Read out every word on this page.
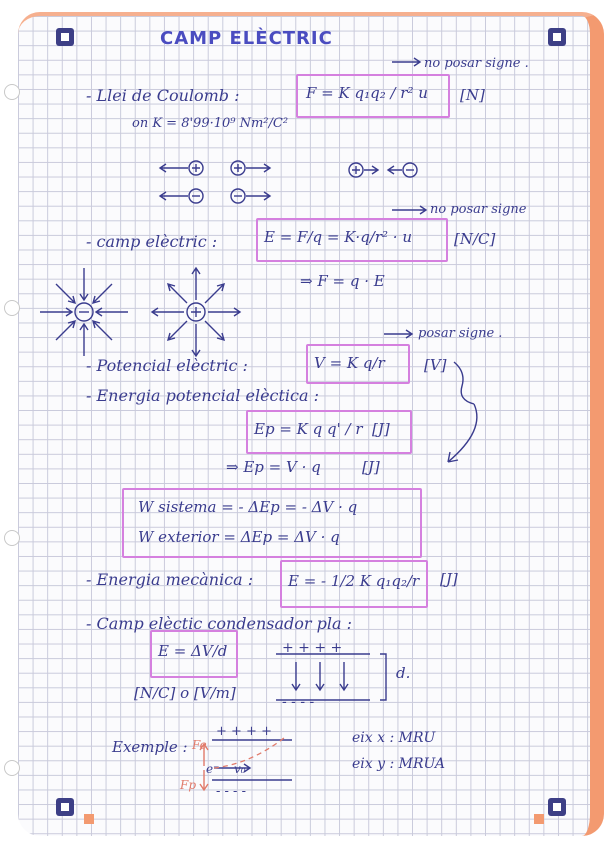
CAMP ELÈCTRIC
- Llei de Coulomb :	F = K q₁q₂ / r² u [N]
no posar signe .
on K = 8'99·10⁹ Nm²/C²
- camp elèctric :	E = F/q = K·q/r² · u	[N/C]
no posar signe
⇒ F = q · E
- Potencial elèctric :	V = K q/r	[V]
posar signe .
- Energia potencial elèctica :
Ep = K q q' / r [J]
⇒ Ep = V · q	[J]
W sistema = - ΔEp = - ΔV · q
W exterior = ΔEp = ΔV · q
- Energia mecànica : E = - 1/2 K q₁q₂/r [J]
- Camp elèctic condensador pla :
E = ΔV/d
[N/C] o [V/m]
+ + + +
- - - -
d.
Exemple : Fe
Fp
e⁻ v₀
+ + + +
- - - -
eix x : MRU
eix y : MRUA
